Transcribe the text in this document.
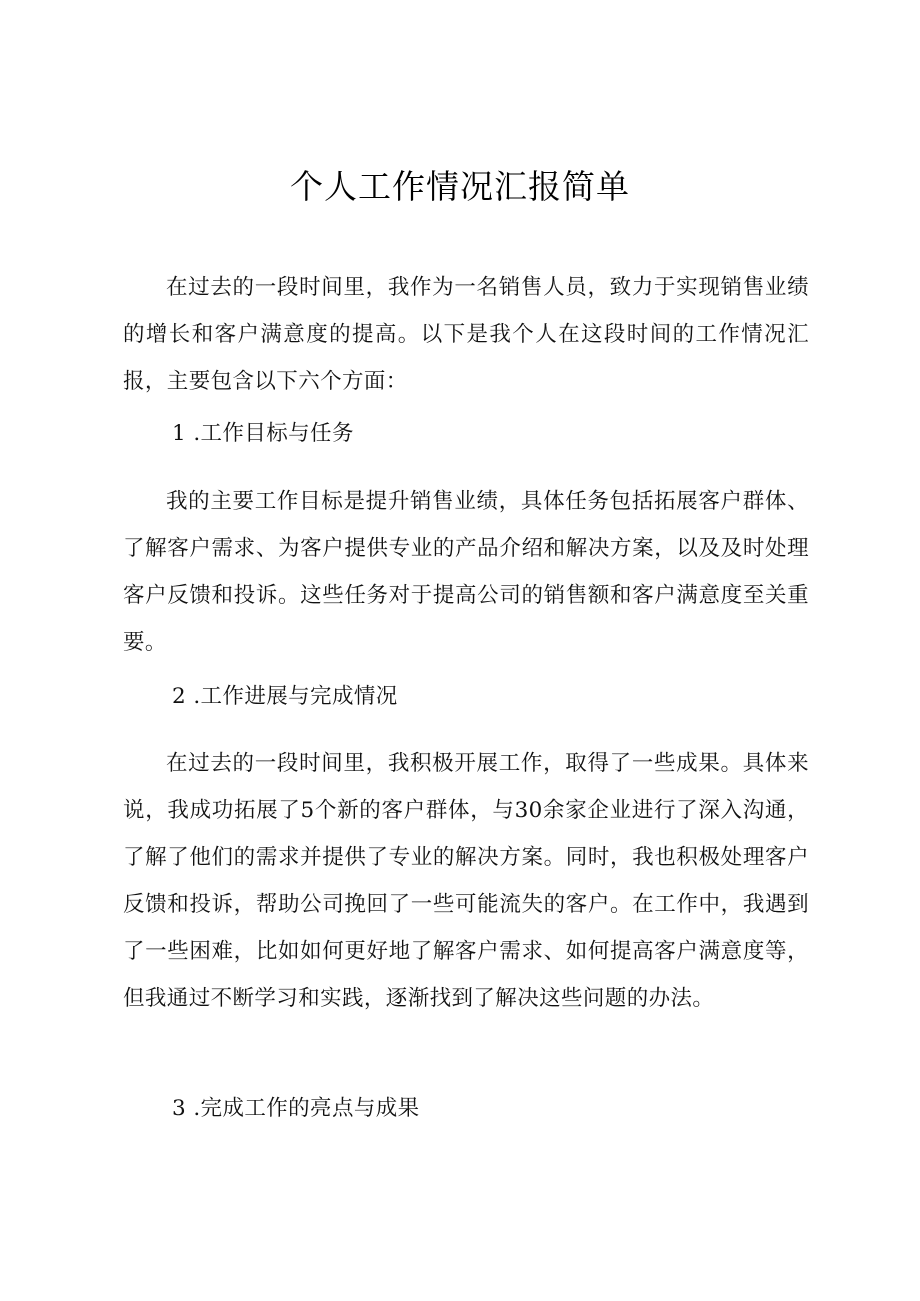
个人工作情况汇报简单

在过去的一段时间里，我作为一名销售人员，致力于实现销售业绩的增长和客户满意度的提高。以下是我个人在这段时间的工作情况汇报，主要包含以下六个方面：

1 .工作目标与任务

我的主要工作目标是提升销售业绩，具体任务包括拓展客户群体、了解客户需求、为客户提供专业的产品介绍和解决方案，以及及时处理客户反馈和投诉。这些任务对于提高公司的销售额和客户满意度至关重要。

2 .工作进展与完成情况

在过去的一段时间里，我积极开展工作，取得了一些成果。具体来说，我成功拓展了5个新的客户群体，与30余家企业进行了深入沟通，了解了他们的需求并提供了专业的解决方案。同时，我也积极处理客户反馈和投诉，帮助公司挽回了一些可能流失的客户。在工作中，我遇到了一些困难，比如如何更好地了解客户需求、如何提高客户满意度等，但我通过不断学习和实践，逐渐找到了解决这些问题的办法。

3 .完成工作的亮点与成果
